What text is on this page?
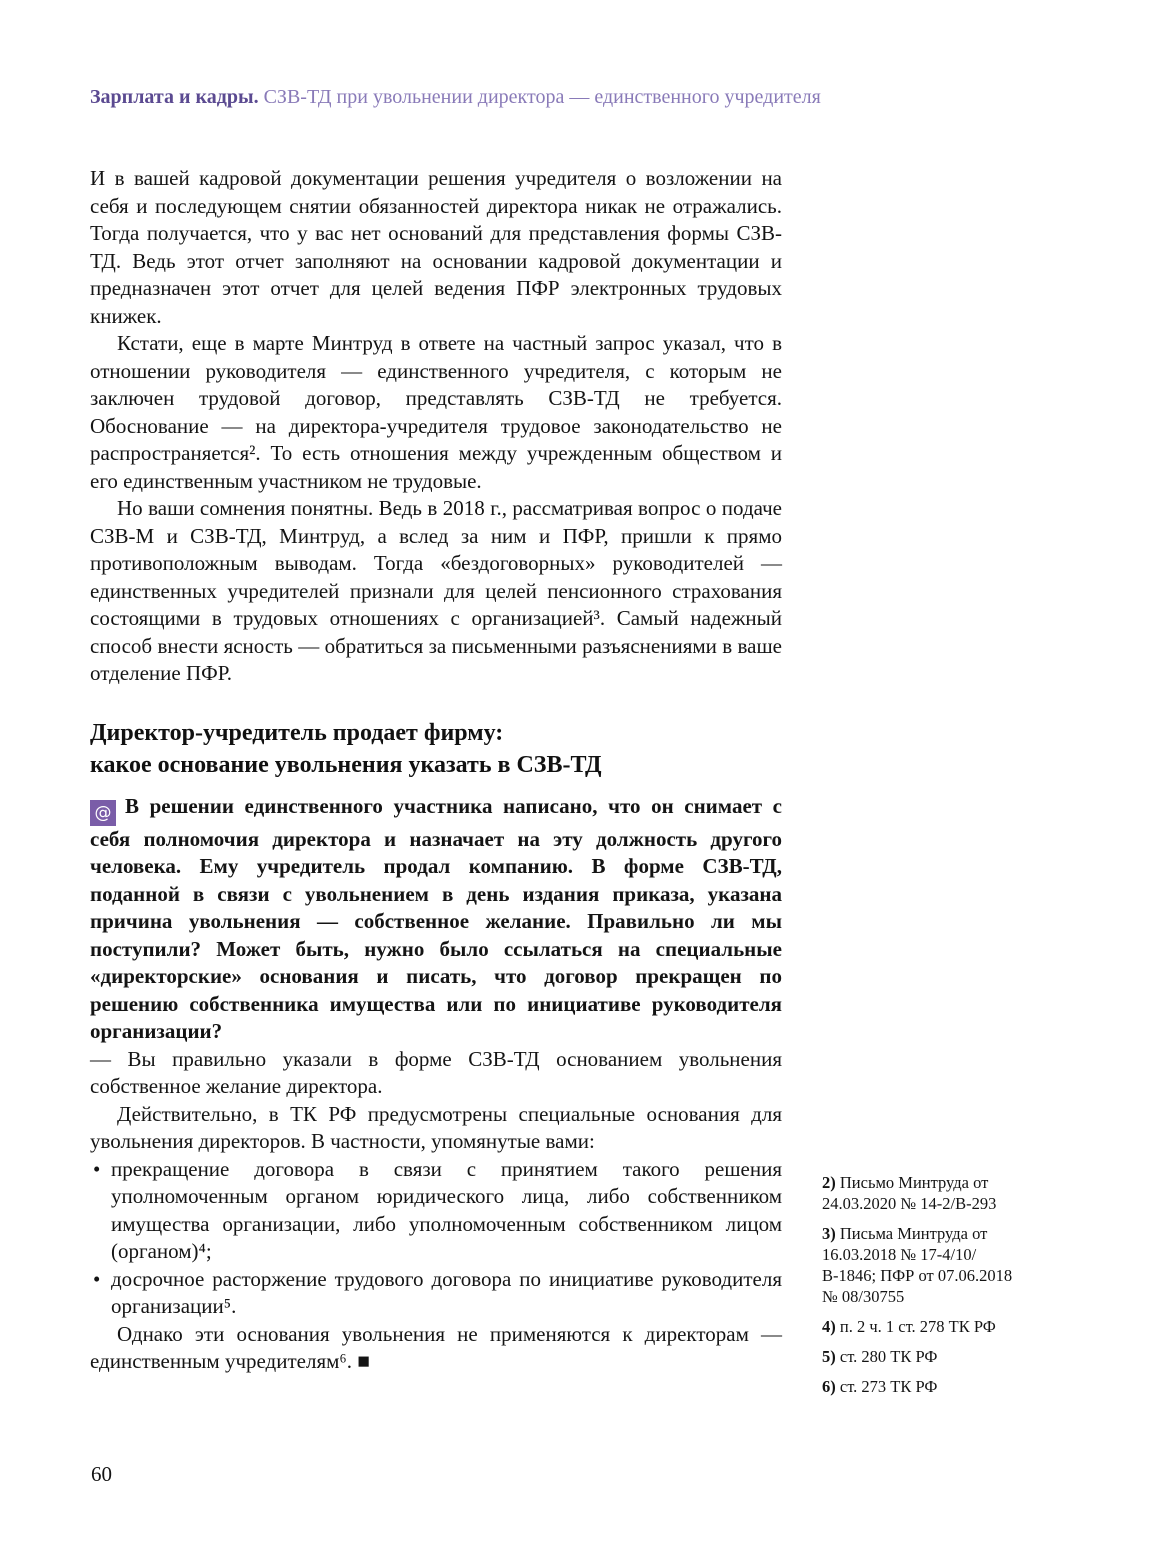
Зарплата и кадры. СЗВ-ТД при увольнении директора — единственного учредителя

И в вашей кадровой документации решения учредителя о возложении на себя и последующем снятии обязанностей директора никак не отражались. Тогда получается, что у вас нет оснований для представления формы СЗВ-ТД. Ведь этот отчет заполняют на основании кадровой документации и предназначен этот отчет для целей ведения ПФР электронных трудовых книжек.

Кстати, еще в марте Минтруд в ответе на частный запрос указал, что в отношении руководителя — единственного учредителя, с которым не заключен трудовой договор, представлять СЗВ-ТД не требуется. Обоснование — на директора-учредителя трудовое законодательство не распространяется². То есть отношения между учрежденным обществом и его единственным участником не трудовые.

Но ваши сомнения понятны. Ведь в 2018 г., рассматривая вопрос о подаче СЗВ-М и СЗВ-ТД, Минтруд, а вслед за ним и ПФР, пришли к прямо противоположным выводам. Тогда «бездоговорных» руководителей — единственных учредителей признали для целей пенсионного страхования состоящими в трудовых отношениях с организацией³. Самый надежный способ внести ясность — обратиться за письменными разъяснениями в ваше отделение ПФР.

Директор-учредитель продает фирму:
какое основание увольнения указать в СЗВ-ТД

@ В решении единственного участника написано, что он снимает с себя полномочия директора и назначает на эту должность другого человека. Ему учредитель продал компанию. В форме СЗВ-ТД, поданной в связи с увольнением в день издания приказа, указана причина увольнения — собственное желание. Правильно ли мы поступили? Может быть, нужно было ссылаться на специальные «директорские» основания и писать, что договор прекращен по решению собственника имущества или по инициативе руководителя организации?

— Вы правильно указали в форме СЗВ-ТД основанием увольнения собственное желание директора.

Действительно, в ТК РФ предусмотрены специальные основания для увольнения директоров. В частности, упомянутые вами:

• прекращение договора в связи с принятием такого решения уполномоченным органом юридического лица, либо собственником имущества организации, либо уполномоченным собственником лицом (органом)⁴;
• досрочное расторжение трудового договора по инициативе руководителя организации⁵.

Однако эти основания увольнения не применяются к директорам — единственным учредителям⁶. ■

2) Письмо Минтруда от 24.03.2020 № 14-2/В-293
3) Письма Минтруда от 16.03.2018 № 17-4/10/В-1846; ПФР от 07.06.2018 № 08/30755
4) п. 2 ч. 1 ст. 278 ТК РФ
5) ст. 280 ТК РФ
6) ст. 273 ТК РФ
60
